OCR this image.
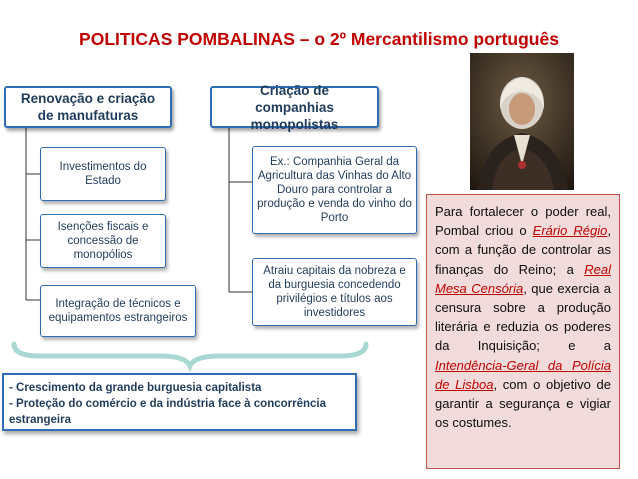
POLITICAS POMBALINAS – o 2º Mercantilismo português
Renovação e criação de manufaturas
Investimentos do Estado
Isenções fiscais e concessão de monopólios
Integração de técnicos e equipamentos estrangeiros
Criação de companhias monopolistas
Ex.: Companhia Geral da Agricultura das Vinhas do Alto Douro para controlar a produção e venda do vinho do Porto
Atraiu capitais da nobreza e da burguesia concedendo privilégios e títulos aos investidores
- Crescimento da grande burguesia capitalista
- Proteção do comércio e da indústria face à concorrência estrangeira
Para fortalecer o poder real, Pombal criou o Erário Régio, com a função de controlar as finanças do Reino; a Real Mesa Censória, que exercia a censura sobre a produção literária e reduzia os poderes da Inquisição; e a Intendência-Geral da Polícia de Lisboa, com o objetivo de garantir a segurança e vigiar os costumes.
